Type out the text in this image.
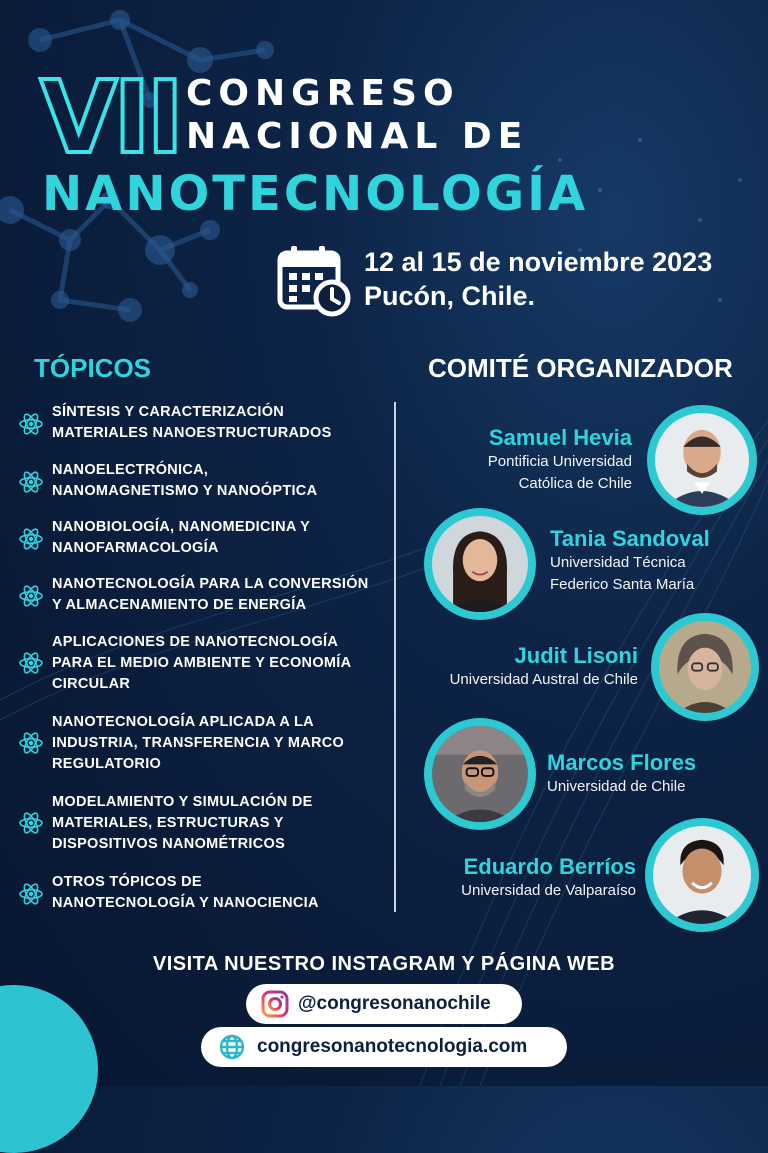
VII CONGRESO
NACIONAL DE
NANOTECNOLOGÍA
12 al 15 de noviembre 2023
Pucón, Chile.
TÓPICOS	COMITÉ ORGANIZADOR
SÍNTESIS Y CARACTERIZACIÓN
MATERIALES NANOESTRUCTURADOS
NANOELECTRÓNICA,
NANOMAGNETISMO Y NANOÓPTICA
NANOBIOLOGÍA, NANOMEDICINA Y
NANOFARMACOLOGÍA
NANOTECNOLOGÍA PARA LA CONVERSIÓN
Y ALMACENAMIENTO DE ENERGÍA
APLICACIONES DE NANOTECNOLOGÍA
PARA EL MEDIO AMBIENTE Y ECONOMÍA
CIRCULAR
NANOTECNOLOGÍA APLICADA A LA
INDUSTRIA, TRANSFERENCIA Y MARCO
REGULATORIO
MODELAMIENTO Y SIMULACIÓN DE
MATERIALES, ESTRUCTURAS Y
DISPOSITIVOS NANOMÉTRICOS
OTROS TÓPICOS DE
NANOTECNOLOGÍA Y NANOCIENCIA
Samuel Hevia
Pontificia Universidad
Católica de Chile
Tania Sandoval
Universidad Técnica
Federico Santa María
Judit Lisoni
Universidad Austral de Chile
Marcos Flores
Universidad de Chile
Eduardo Berríos
Universidad de Valparaíso
VISITA NUESTRO INSTAGRAM Y PÁGINA WEB
@congresonanochile
congresonanotecnologia.com
